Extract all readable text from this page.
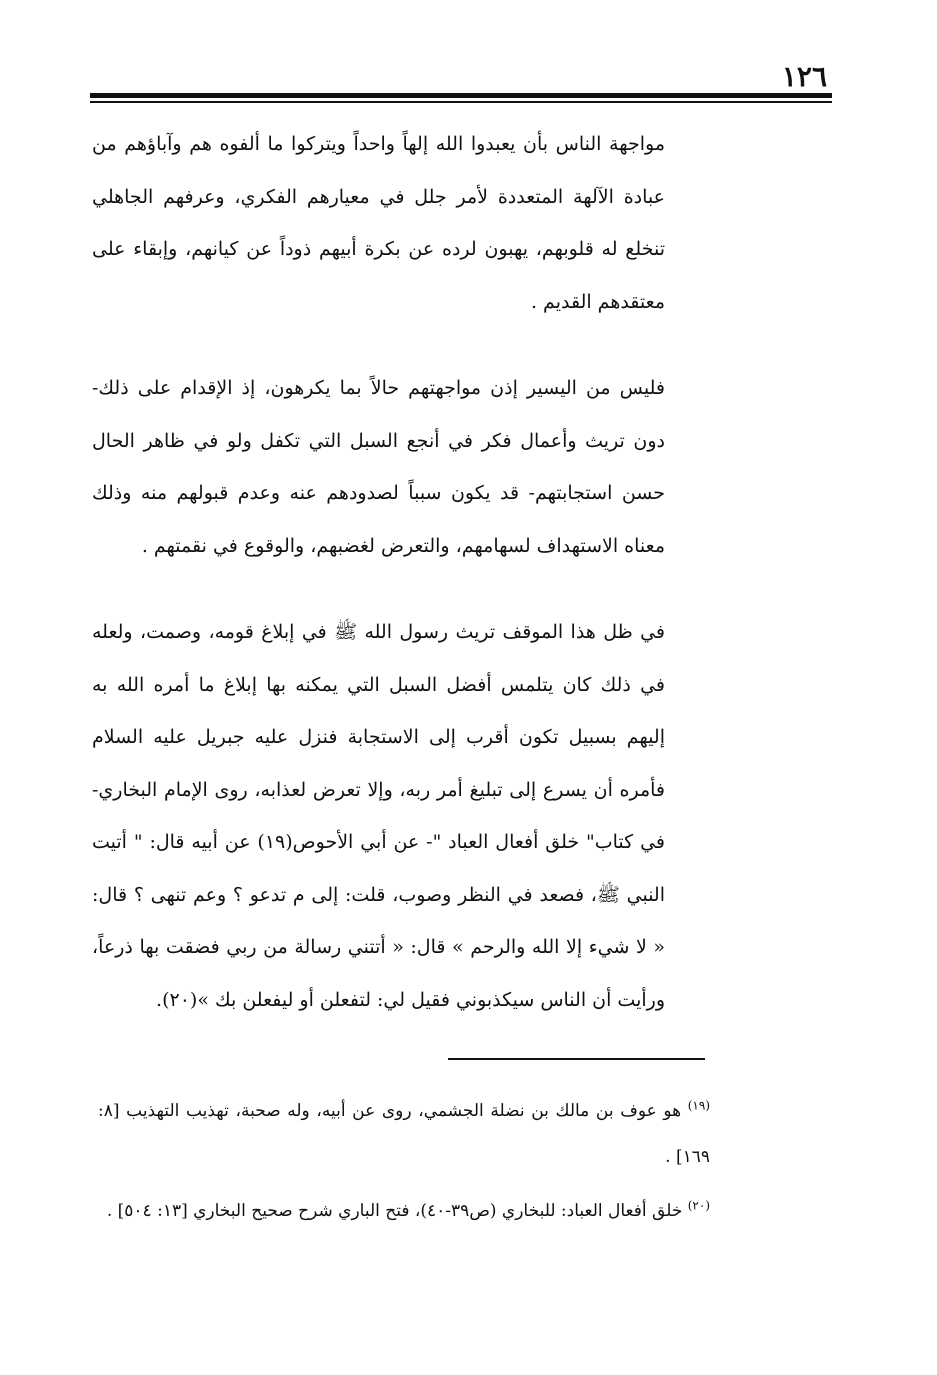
١٢٦

مواجهة الناس بأن يعبدوا الله إلهاً واحداً ويتركوا ما ألفوه هم وآباؤهم من عبادة الآلهة المتعددة لأمر جلل في معيارهم الفكري، وعرفهم الجاهلي تنخلع له قلوبهم، يهبون لرده عن بكرة أبيهم ذوداً عن كيانهم، وإبقاء على معتقدهم القديم .

فليس من اليسير إذن مواجهتهم حالاً بما يكرهون، إذ الإقدام على ذلك- دون تريث وأعمال فكر في أنجع السبل التي تكفل ولو في ظاهر الحال حسن استجابتهم- قد يكون سبباً لصدودهم عنه وعدم قبولهم منه وذلك معناه الاستهداف لسهامهم، والتعرض لغضبهم، والوقوع في نقمتهم .

في ظل هذا الموقف تريث رسول الله ﷺ في إبلاغ قومه، وصمت، ولعله في ذلك كان يتلمس أفضل السبل التي يمكنه بها إبلاغ ما أمره الله به إليهم بسبيل تكون أقرب إلى الاستجابة فنزل عليه جبريل عليه السلام فأمره أن يسرع إلى تبليغ أمر ربه، وإلا تعرض لعذابه، روى الإمام البخاري- في كتاب" خلق أفعال العباد "- عن أبي الأحوص(١٩) عن أبيه قال: " أتيت النبي ﷺ، فصعد في النظر وصوب، قلت: إلى م تدعو ؟ وعم تنهى ؟ قال: « لا شيء إلا الله والرحم » قال: « أتتني رسالة من ربي فضقت بها ذرعاً، ورأيت أن الناس سيكذبوني فقيل لي: لتفعلن أو ليفعلن بك »(٢٠).

$^{(١٩)}$ هو عوف بن مالك بن نضلة الجشمي، روى عن أبيه، وله صحبة، تهذيب التهذيب [٨: ١٦٩] .

$^{(٢٠)}$ خلق أفعال العباد: للبخاري (ص٣٩-٤٠)، فتح الباري شرح صحيح البخاري [١٣: ٥٠٤] .
